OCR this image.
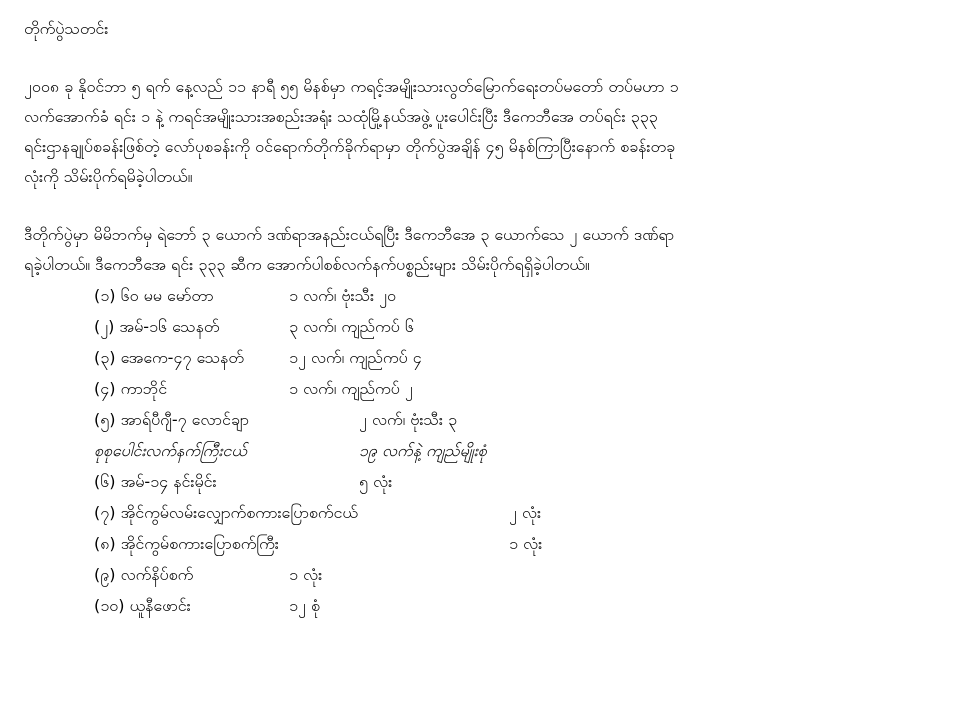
တိုက်ပွဲသတင်း

၂၀၀၈ ခု နိုဝင်ဘာ ၅ ရက် နေ့လည် ၁၁ နာရီ ၅၅ မိနစ်မှာ ကရင့်အမျိုးသားလွတ်မြောက်ရေးတပ်မတော် တပ်မဟာ ၁
လက်အောက်ခံ ရင်း ၁ နဲ့ ကရင်အမျိုးသားအစည်းအရုံး သထုံမြို့နယ်အဖွဲ့ ပူးပေါင်းပြီး ဒီကေဘီအေ တပ်ရင်း ၃၃၃
ရင်းဌာနချုပ်စခန်းဖြစ်တဲ့ လော်ပုစခန်းကို ဝင်ရောက်တိုက်ခိုက်ရာမှာ တိုက်ပွဲအချိန် ၄၅ မိနစ်ကြာပြီးနောက် စခန်းတခု
လုံးကို သိမ်းပိုက်ရမိခဲ့ပါတယ်။

ဒီတိုက်ပွဲမှာ မိမိဘက်မှ ရဲဘော် ၃ ယောက် ဒဏ်ရာအနည်းငယ်ရပြီး ဒီကေဘီအေ ၃ ယောက်သေ ၂ ယောက် ဒဏ်ရာ
ရခဲ့ပါတယ်။ ဒီကေဘီအေ ရင်း ၃၃၃ ဆီက အောက်ပါစစ်လက်နက်ပစ္စည်းများ သိမ်းပိုက်ရရှိခဲ့ပါတယ်။

(၁) ၆၀ မမ မော်တာ	၁ လက်၊ ဗုံးသီး ၂၀
(၂) အမ်-၁၆ သေနတ်	၃ လက်၊ ကျည်ကပ် ၆
(၃) အေကေ-၄၇ သေနတ်	၁၂ လက်၊ ကျည်ကပ် ၄
(၄) ကာဘိုင်	၁ လက်၊ ကျည်ကပ် ၂
(၅) အာရ်ပီဂျီ-၇ လောင်ချာ	၂ လက်၊ ဗုံးသီး ၃
စုစုပေါင်းလက်နက်ကြီးငယ်	၁၉ လက်နဲ့ ကျည်မျိုးစုံ
(၆) အမ်-၁၄ နင်းမိုင်း	၅ လုံး
(၇) အိုင်ကွမ်လမ်းလျှောက်စကားပြောစက်ငယ်	၂ လုံး
(၈) အိုင်ကွမ်စကားပြောစက်ကြီး	၁ လုံး
(၉) လက်နိပ်စက်	၁ လုံး
(၁၀) ယူနီဖောင်း	၁၂ စုံ
